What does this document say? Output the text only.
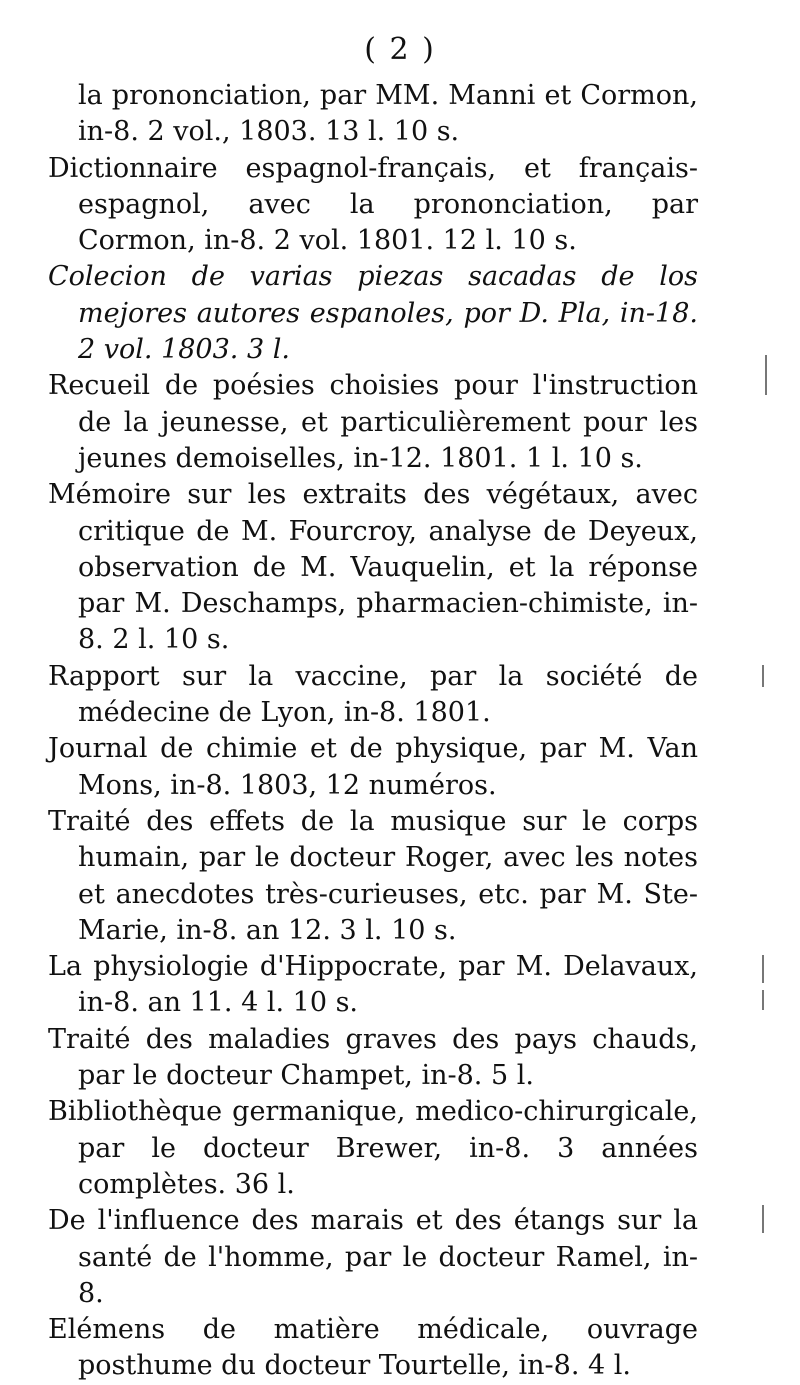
( 2 )

la prononciation, par MM. Manni et Cormon, in-8. 2 vol., 1803. 13 l. 10 s.

Dictionnaire espagnol-français, et français-espagnol, avec la prononciation, par Cormon, in-8. 2 vol. 1801. 12 l. 10 s.

Colecion de varias piezas sacadas de los mejores autores espanoles, por D. Pla, in-18. 2 vol. 1803. 3 l.

Recueil de poésies choisies pour l'instruction de la jeunesse, et particulièrement pour les jeunes demoiselles, in-12. 1801. 1 l. 10 s.

Mémoire sur les extraits des végétaux, avec critique de M. Fourcroy, analyse de Deyeux, observation de M. Vauquelin, et la réponse par M. Deschamps, pharmacien-chimiste, in-8. 2 l. 10 s.

Rapport sur la vaccine, par la société de médecine de Lyon, in-8. 1801.

Journal de chimie et de physique, par M. Van Mons, in-8. 1803, 12 numéros.

Traité des effets de la musique sur le corps humain, par le docteur Roger, avec les notes et anecdotes très-curieuses, etc. par M. Ste-Marie, in-8. an 12. 3 l. 10 s.

La physiologie d'Hippocrate, par M. Delavaux, in-8. an 11. 4 l. 10 s.

Traité des maladies graves des pays chauds, par le docteur Champet, in-8. 5 l.

Bibliothèque germanique, medico-chirurgicale, par le docteur Brewer, in-8. 3 années complètes. 36 l.

De l'influence des marais et des étangs sur la santé de l'homme, par le docteur Ramel, in-8.

Elémens de matière médicale, ouvrage posthume du docteur Tourtelle, in-8. 4 l.
